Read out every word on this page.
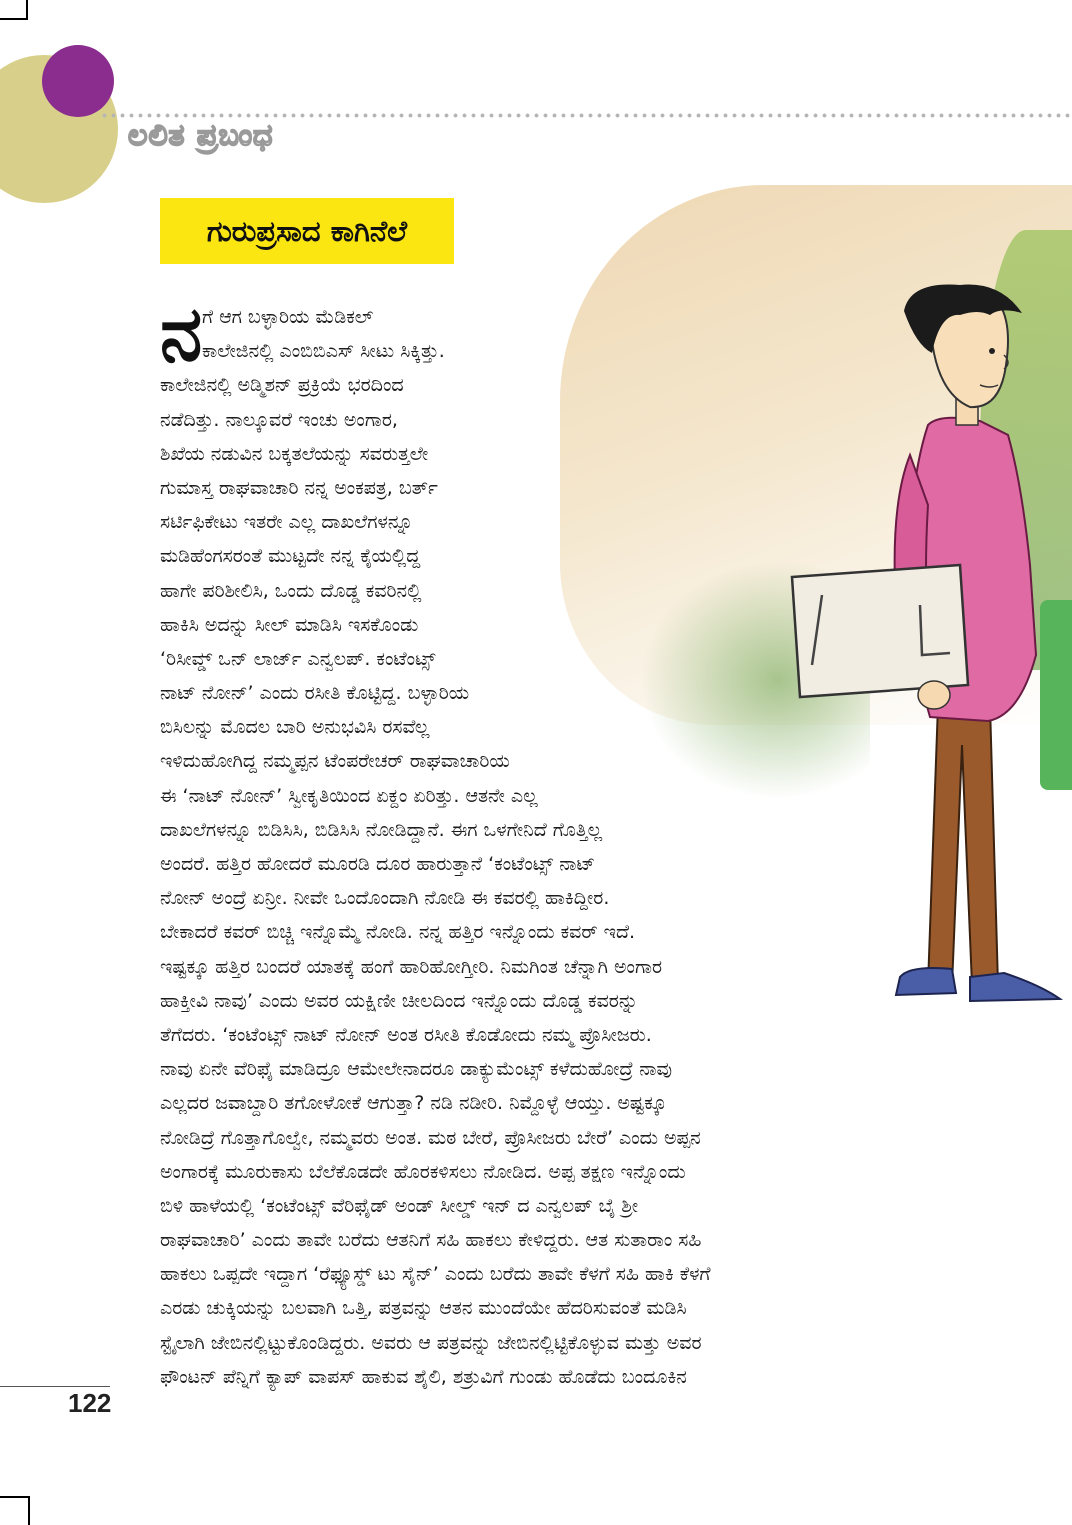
ಲಲಿತ ಪ್ರಬಂಧ
ಗುರುಪ್ರಸಾದ ಕಾಗಿನೆಲೆ
ನ ಗೆ ಆಗ ಬಳ್ಳಾರಿಯ ಮೆಡಿಕಲ್
ಕಾಲೇಜಿನಲ್ಲಿ ಎಂಬಿಬಿಎಸ್ ಸೀಟು ಸಿಕ್ಕಿತ್ತು.
ಕಾಲೇಜಿನಲ್ಲಿ ಅಡ್ಮಿಶನ್ ಪ್ರಕ್ರಿಯೆ ಭರದಿಂದ
ನಡೆದಿತ್ತು. ನಾಲ್ಕೂವರೆ ಇಂಚು ಅಂಗಾರ,
ಶಿಖೆಯ ನಡುವಿನ ಬಕ್ಕತಲೆಯನ್ನು ಸವರುತ್ತಲೇ
ಗುಮಾಸ್ತ ರಾಘವಾಚಾರಿ ನನ್ನ ಅಂಕಪತ್ರ, ಬರ್ತ್
ಸರ್ಟಿಫಿಕೇಟು ಇತರೇ ಎಲ್ಲ ದಾಖಲೆಗಳನ್ನೂ
ಮಡಿಹೆಂಗಸರಂತೆ ಮುಟ್ಟದೇ ನನ್ನ ಕೈಯಲ್ಲಿದ್ದ
ಹಾಗೇ ಪರಿಶೀಲಿಸಿ, ಒಂದು ದೊಡ್ಡ ಕವರಿನಲ್ಲಿ
ಹಾಕಿಸಿ ಅದನ್ನು ಸೀಲ್ ಮಾಡಿಸಿ ಇಸಕೊಂಡು
‘ರಿಸೀವ್ಡ್ ಒನ್ ಲಾರ್ಜ್ ಎನ್ವಲಪ್. ಕಂಟೆಂಟ್ಸ್
ನಾಟ್ ನೋನ್’ ಎಂದು ರಸೀತಿ ಕೊಟ್ಟಿದ್ದ. ಬಳ್ಳಾರಿಯ
ಬಿಸಿಲನ್ನು ಮೊದಲ ಬಾರಿ ಅನುಭವಿಸಿ ರಸವೆಲ್ಲ
ಇಳಿದುಹೋಗಿದ್ದ ನಮ್ಮಪ್ಪನ ಟೆಂಪರೇಚರ್ ರಾಘವಾಚಾರಿಯ
ಈ ‘ನಾಟ್ ನೋನ್’ ಸ್ವೀಕೃತಿಯಿಂದ ಏಕ್ದಂ ಏರಿತ್ತು. ಆತನೇ ಎಲ್ಲ
ದಾಖಲೆಗಳನ್ನೂ ಬಿಡಿಸಿಸಿ, ಬಿಡಿಸಿಸಿ ನೋಡಿದ್ದಾನೆ. ಈಗ ಒಳಗೇನಿದೆ ಗೊತ್ತಿಲ್ಲ
ಅಂದರೆ. ಹತ್ತಿರ ಹೋದರೆ ಮೂರಡಿ ದೂರ ಹಾರುತ್ತಾನೆ ‘ಕಂಟೆಂಟ್ಸ್ ನಾಟ್
ನೋನ್ ಅಂದ್ರೆ ಏನ್ರೀ. ನೀವೇ ಒಂದೊಂದಾಗಿ ನೋಡಿ ಈ ಕವರಲ್ಲಿ ಹಾಕಿದ್ದೀರ.
ಬೇಕಾದರೆ ಕವರ್ ಬಿಚ್ಚಿ ಇನ್ನೊಮ್ಮೆ ನೋಡಿ. ನನ್ನ ಹತ್ತಿರ ಇನ್ನೊಂದು ಕವರ್ ಇದೆ.
ಇಷ್ಟಕ್ಕೂ ಹತ್ತಿರ ಬಂದರೆ ಯಾತಕ್ಕೆ ಹಂಗೆ ಹಾರಿಹೋಗ್ತೀರಿ. ನಿಮಗಿಂತ ಚೆನ್ನಾಗಿ ಅಂಗಾರ
ಹಾಕ್ತೀವಿ ನಾವು’ ಎಂದು ಅವರ ಯಕ್ಷಿಣೀ ಚೀಲದಿಂದ ಇನ್ನೊಂದು ದೊಡ್ಡ ಕವರನ್ನು
ತೆಗೆದರು. ‘ಕಂಟೆಂಟ್ಸ್ ನಾಟ್ ನೋನ್ ಅಂತ ರಸೀತಿ ಕೊಡೋದು ನಮ್ಮ ಪ್ರೊಸೀಜರು.
ನಾವು ಏನೇ ವೆರಿಫೈ ಮಾಡಿದ್ರೂ ಆಮೇಲೇನಾದರೂ ಡಾಕ್ಯುಮೆಂಟ್ಸ್ ಕಳೆದುಹೋದ್ರೆ ನಾವು
ಎಲ್ಲದರ ಜವಾಬ್ದಾರಿ ತಗೋಳೋಕೆ ಆಗುತ್ತಾ? ನಡಿ ನಡೀರಿ. ನಿಮ್ದೊಳ್ಳೆ ಆಯ್ತು. ಅಷ್ಟಕ್ಕೂ
ನೋಡಿದ್ರೆ ಗೊತ್ತಾಗೊಲ್ವೇ, ನಮ್ಮವರು ಅಂತ. ಮಠ ಬೇರೆ, ಪ್ರೊಸೀಜರು ಬೇರೆ’ ಎಂದು ಅಪ್ಪನ
ಅಂಗಾರಕ್ಕೆ ಮೂರುಕಾಸು ಬೆಲೆಕೊಡದೇ ಹೊರಕಳಿಸಲು ನೋಡಿದ. ಅಪ್ಪ ತಕ್ಷಣ ಇನ್ನೊಂದು
ಬಿಳಿ ಹಾಳೆಯಲ್ಲಿ ‘ಕಂಟೆಂಟ್ಸ್ ವೆರಿಫೈಡ್ ಅಂಡ್ ಸೀಲ್ಡ್ ಇನ್ ದ ಎನ್ವಲಪ್ ಬೈ ಶ್ರೀ
ರಾಘವಾಚಾರಿ’ ಎಂದು ತಾವೇ ಬರೆದು ಆತನಿಗೆ ಸಹಿ ಹಾಕಲು ಕೇಳಿದ್ದರು. ಆತ ಸುತಾರಾಂ ಸಹಿ
ಹಾಕಲು ಒಪ್ಪದೇ ಇದ್ದಾಗ ‘ರೆಫ್ಯೂಸ್ಡ್ ಟು ಸೈನ್’ ಎಂದು ಬರೆದು ತಾವೇ ಕೆಳಗೆ ಸಹಿ ಹಾಕಿ ಕೆಳಗೆ
ಎರಡು ಚುಕ್ಕಿಯನ್ನು ಬಲವಾಗಿ ಒತ್ತಿ, ಪತ್ರವನ್ನು ಆತನ ಮುಂದೆಯೇ ಹೆದರಿಸುವಂತೆ ಮಡಿಸಿ
ಸ್ಟೈಲಾಗಿ ಜೇಬಿನಲ್ಲಿಟ್ಟುಕೊಂಡಿದ್ದರು. ಅವರು ಆ ಪತ್ರವನ್ನು ಜೇಬಿನಲ್ಲಿಟ್ಟಿಕೊಳ್ಳುವ ಮತ್ತು ಅವರ
ಫೌಂಟನ್ ಪೆನ್ನಿಗೆ ಕ್ಯಾಪ್ ವಾಪಸ್ ಹಾಕುವ ಶೈಲಿ, ಶತ್ರುವಿಗೆ ಗುಂಡು ಹೊಡೆದು ಬಂದೂಕಿನ
122
